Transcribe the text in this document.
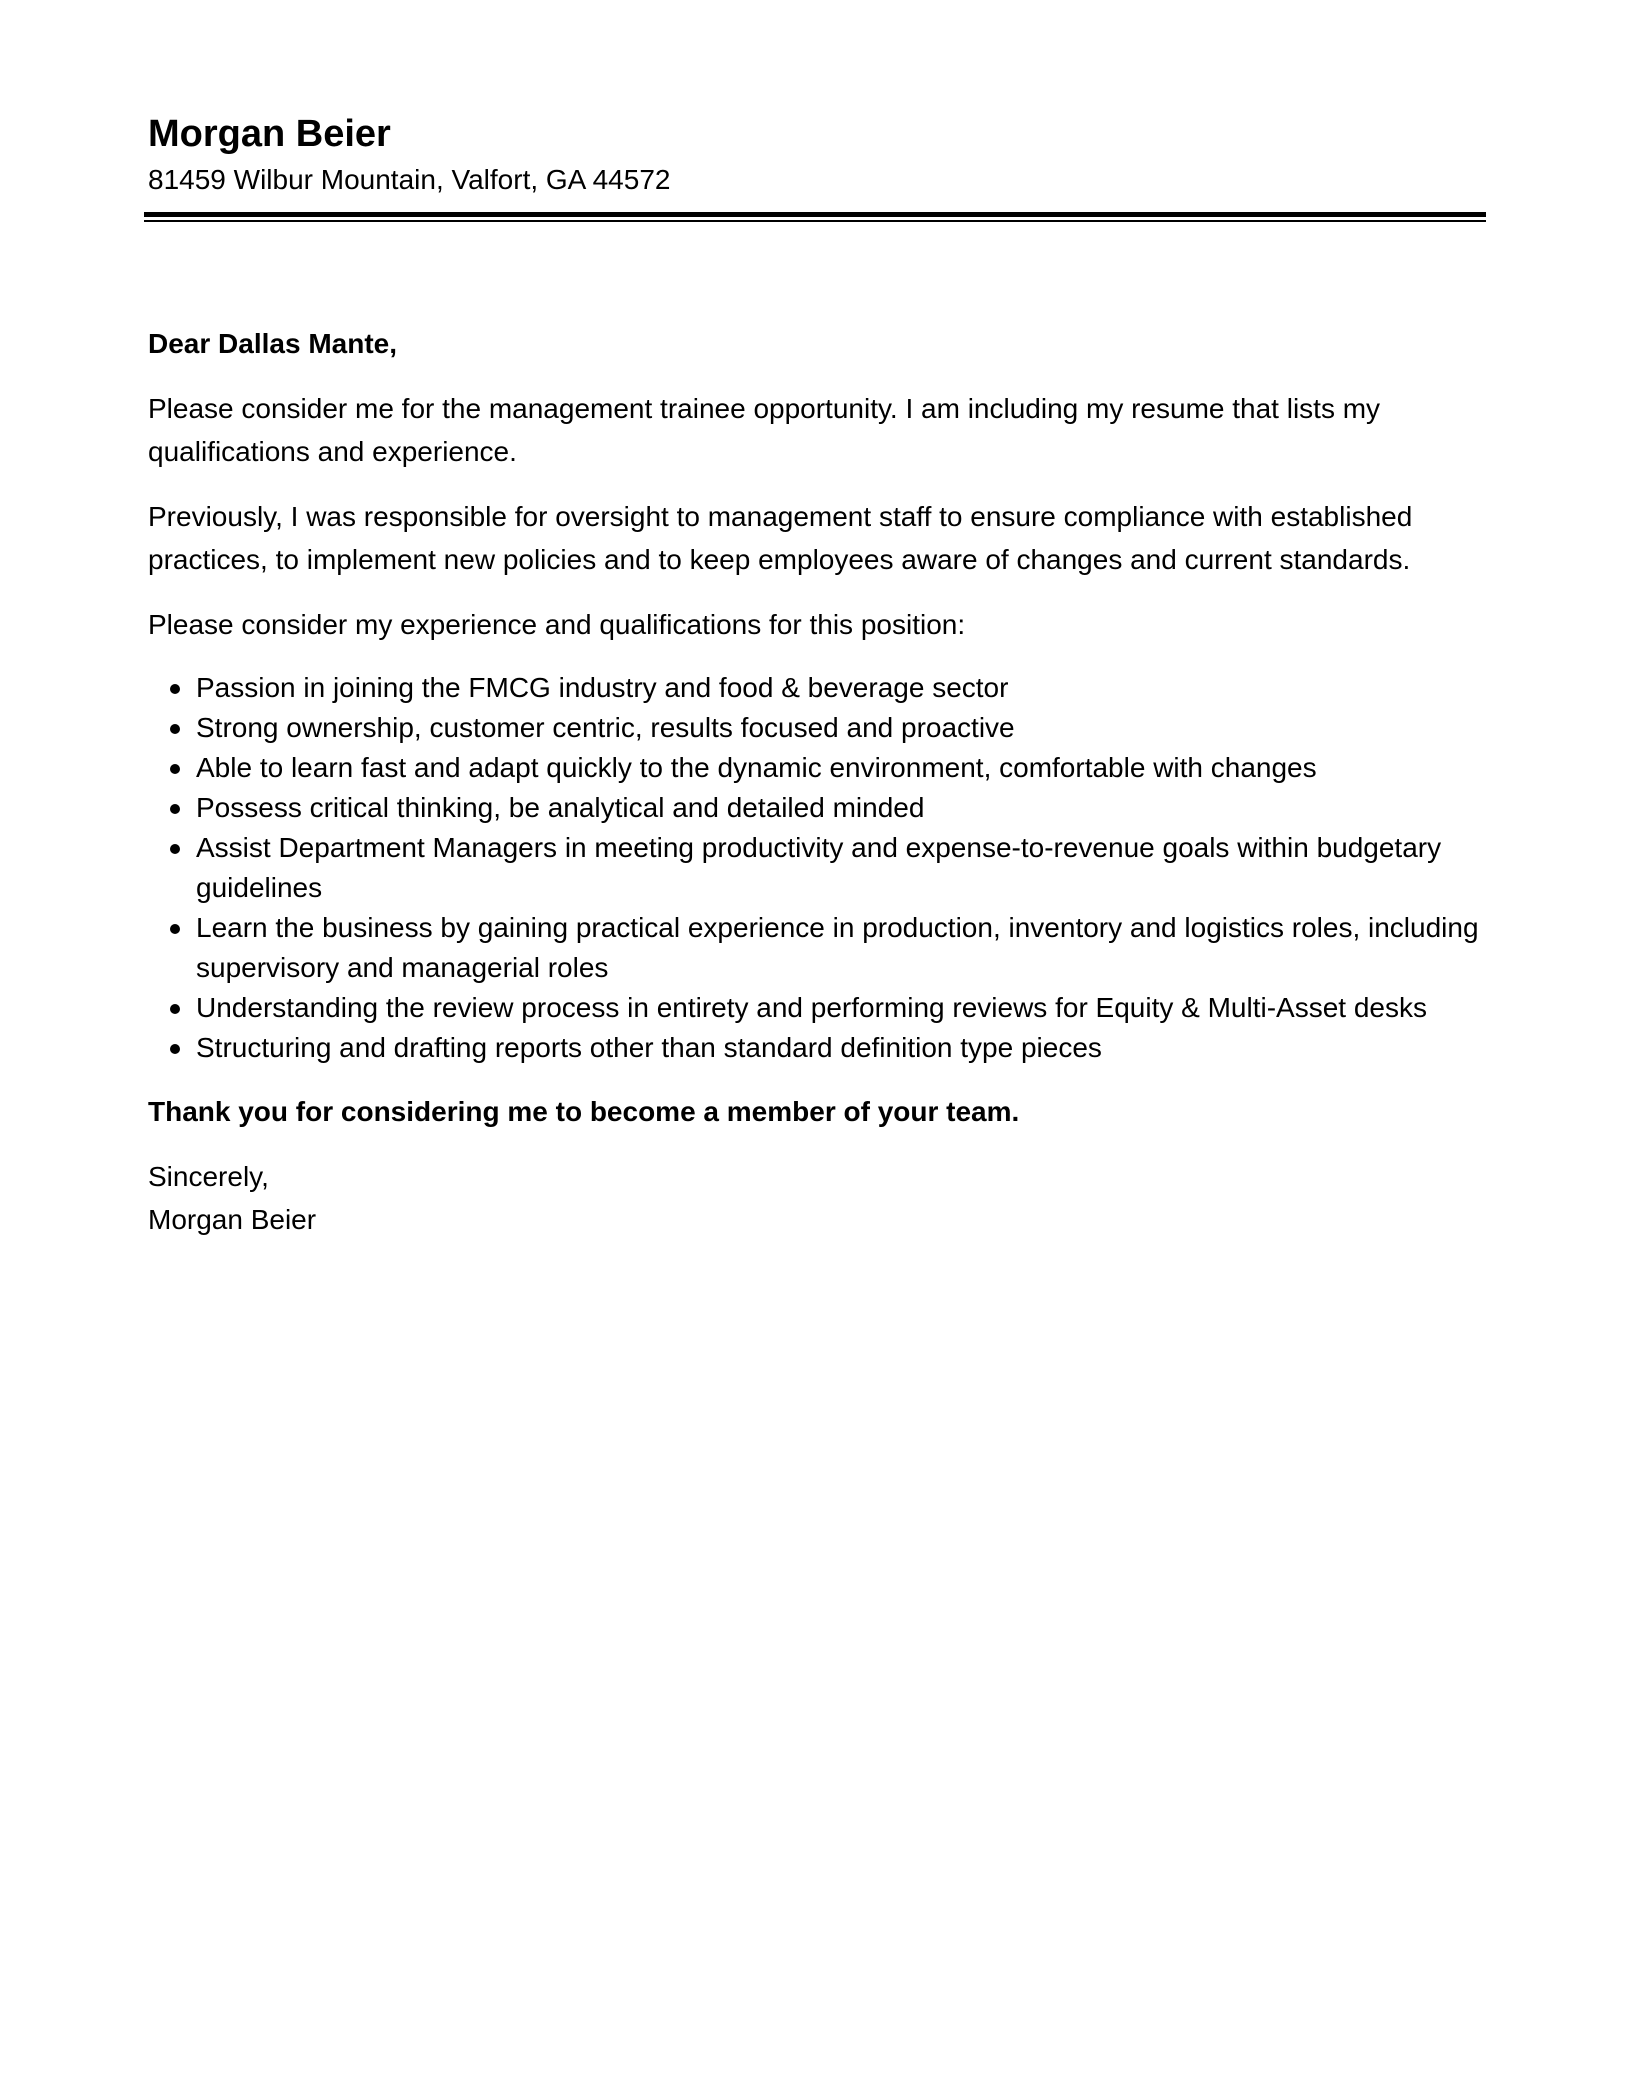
Morgan Beier

81459 Wilbur Mountain, Valfort, GA 44572

Dear Dallas Mante,

Please consider me for the management trainee opportunity. I am including my resume that lists my qualifications and experience.

Previously, I was responsible for oversight to management staff to ensure compliance with established practices, to implement new policies and to keep employees aware of changes and current standards.

Please consider my experience and qualifications for this position:

Passion in joining the FMCG industry and food & beverage sector
Strong ownership, customer centric, results focused and proactive
Able to learn fast and adapt quickly to the dynamic environment, comfortable with changes
Possess critical thinking, be analytical and detailed minded
Assist Department Managers in meeting productivity and expense-to-revenue goals within budgetary guidelines
Learn the business by gaining practical experience in production, inventory and logistics roles, including supervisory and managerial roles
Understanding the review process in entirety and performing reviews for Equity & Multi-Asset desks
Structuring and drafting reports other than standard definition type pieces

Thank you for considering me to become a member of your team.

Sincerely,

Morgan Beier
